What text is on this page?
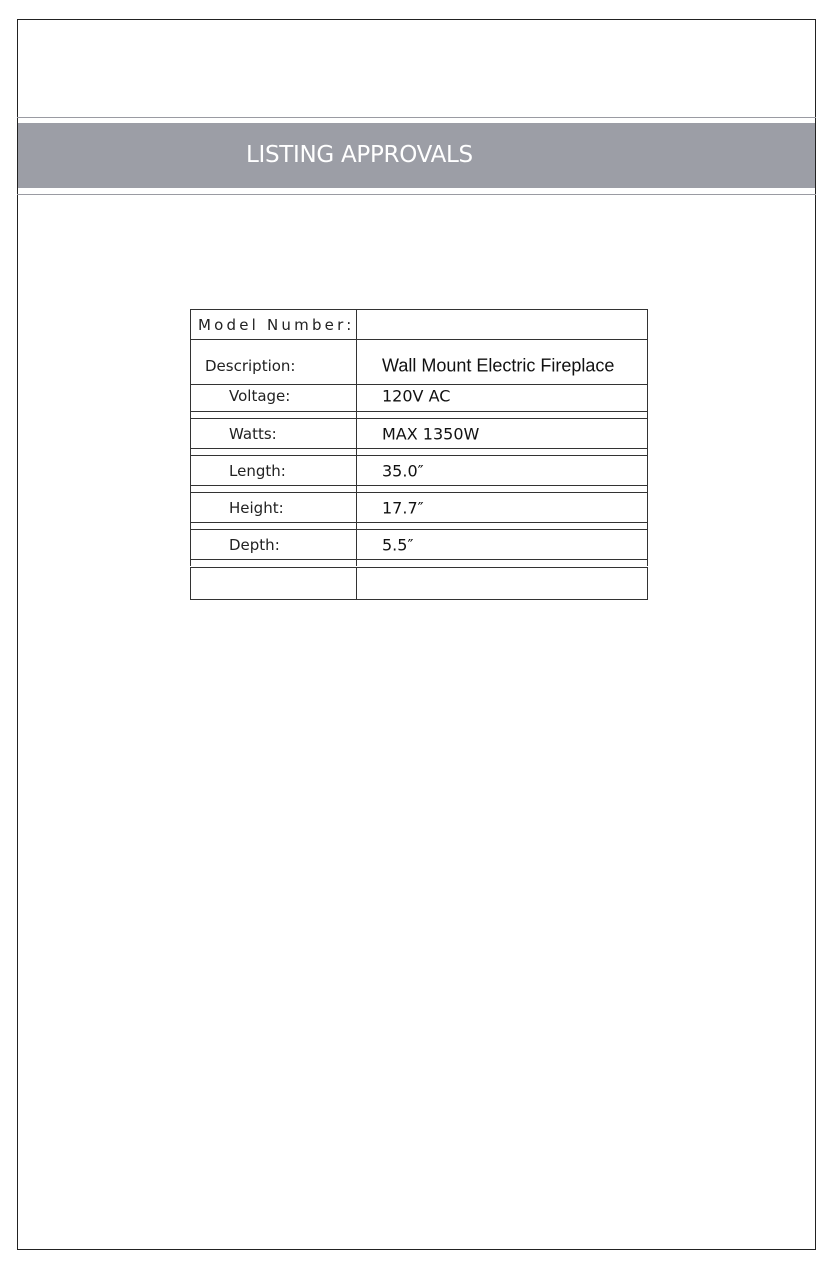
LISTING APPROVALS
Model Number:
Description:	Wall Mount Electric Fireplace
Voltage:	120V AC
Watts:	MAX 1350W
Length:	35.0″
Height:	17.7″
Depth:	5.5″
